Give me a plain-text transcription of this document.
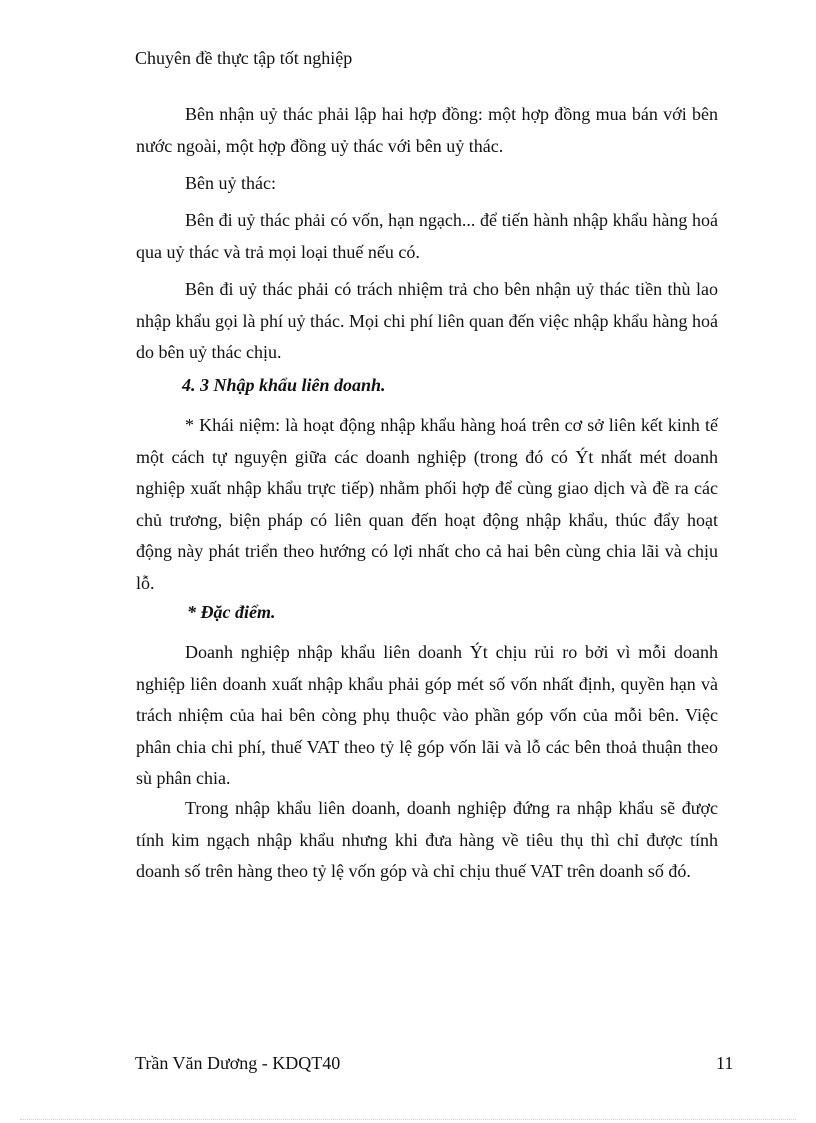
Chuyên đề thực tập tốt nghiệp

Bên nhận uỷ thác phải lập hai hợp đồng: một hợp đồng mua bán với bên nước ngoài, một hợp đồng uỷ thác với bên uỷ thác.

Bên uỷ thác:

Bên đi uỷ thác phải có vốn, hạn ngạch... để tiến hành nhập khẩu hàng hoá qua uỷ thác và trả mọi loại thuế nếu có.

Bên đi uỷ thác phải có trách nhiệm trả cho bên nhận uỷ thác tiền thù lao nhập khẩu gọi là phí uỷ thác. Mọi chi phí liên quan đến việc nhập khẩu hàng hoá do bên uỷ thác chịu.

4. 3 Nhập khẩu liên doanh.

* Khái niệm: là hoạt động nhập khẩu hàng hoá trên cơ sở liên kết kinh tế một cách tự nguyện giữa các doanh nghiệp (trong đó có Ýt nhất mét doanh nghiệp xuất nhập khẩu trực tiếp) nhằm phối hợp để cùng giao dịch và đề ra các chủ trương, biện pháp có liên quan đến hoạt động nhập khẩu, thúc đẩy hoạt động này phát triển theo hướng có lợi nhất cho cả hai bên cùng chia lãi và chịu lỗ.

* Đặc điểm.

Doanh nghiệp nhập khẩu liên doanh Ýt chịu rủi ro bởi vì mỗi doanh nghiệp liên doanh xuất nhập khẩu phải góp mét số vốn nhất định, quyền hạn và trách nhiệm của hai bên còng phụ thuộc vào phần góp vốn của mỗi bên. Việc phân chia chi phí, thuế VAT theo tỷ lệ góp vốn lãi và lỗ các bên thoả thuận theo sù phân chia.

Trong nhập khẩu liên doanh, doanh nghiệp đứng ra nhập khẩu sẽ được tính kim ngạch nhập khẩu nhưng khi đưa hàng về tiêu thụ thì chỉ được tính doanh số trên hàng theo tỷ lệ vốn góp và chỉ chịu thuế VAT trên doanh số đó.

Trần Văn Dương - KDQT40	11
